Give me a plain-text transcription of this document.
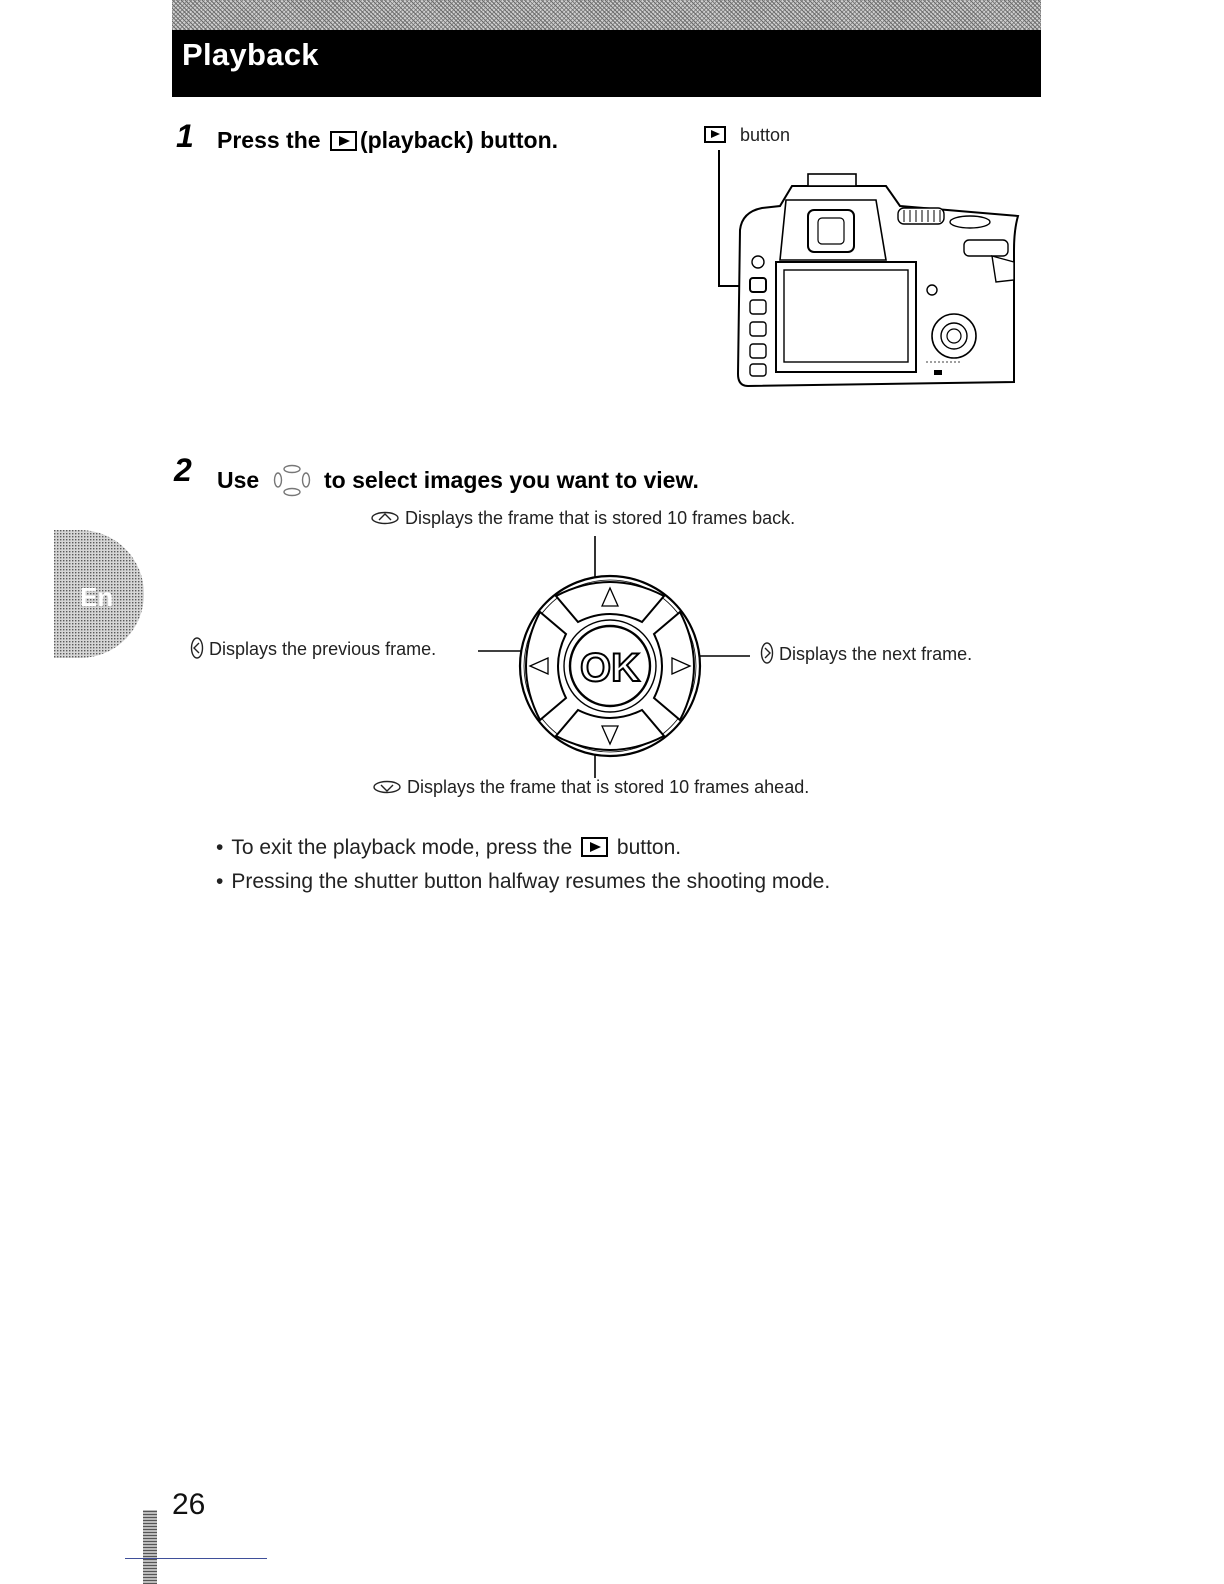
Playback
1 Press the (playback) button.	button
2 Use	to select images you want to view.
Displays the frame that is stored 10 frames back.
Displays the frame that is stored 10 frames ahead.
Displays the previous frame.	Displays the next frame.
OK
• To exit the playback mode, press the button.
• Pressing the shutter button halfway resumes the shooting mode.
En
26
